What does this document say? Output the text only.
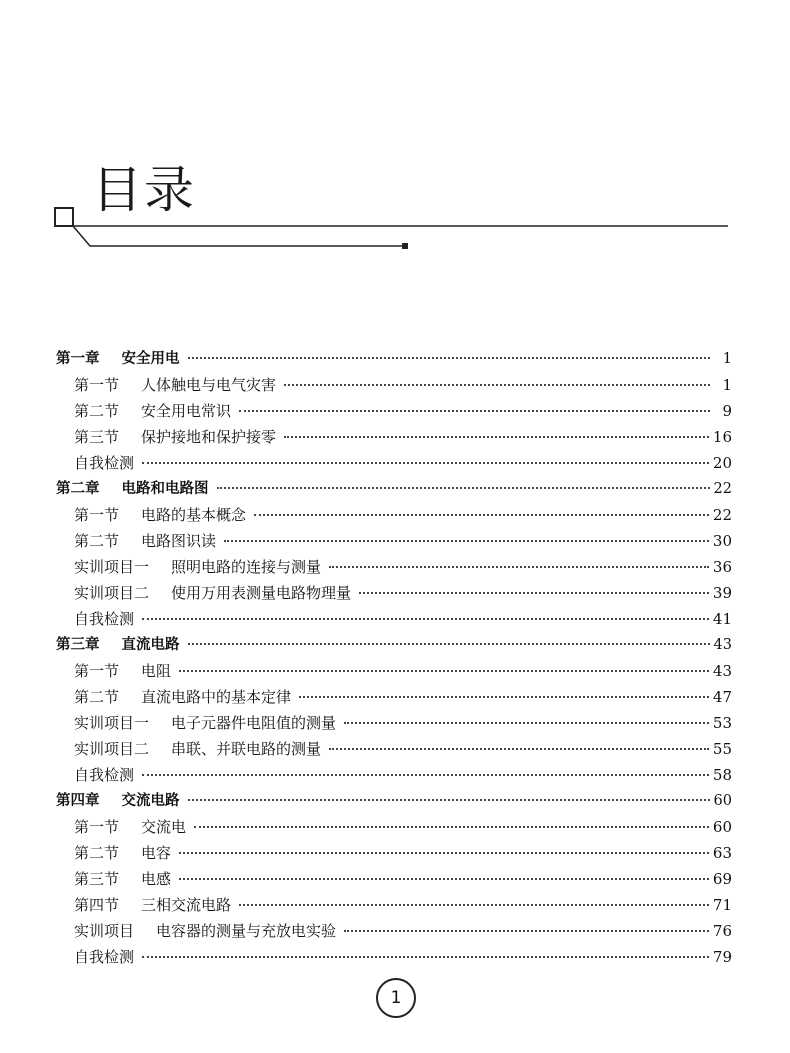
目录
第一章 安全用电	1
第一节 人体触电与电气灾害	1
第二节 安全用电常识	9
第三节 保护接地和保护接零	16
自我检测	20
第二章 电路和电路图	22
第一节 电路的基本概念	22
第二节 电路图识读	30
实训项目一 照明电路的连接与测量	36
实训项目二 使用万用表测量电路物理量	39
自我检测	41
第三章 直流电路	43
第一节 电阻	43
第二节 直流电路中的基本定律	47
实训项目一 电子元器件电阻值的测量	53
实训项目二 串联、并联电路的测量	55
自我检测	58
第四章 交流电路	60
第一节 交流电	60
第二节 电容	63
第三节 电感	69
第四节 三相交流电路	71
实训项目 电容器的测量与充放电实验	76
自我检测	79
1
